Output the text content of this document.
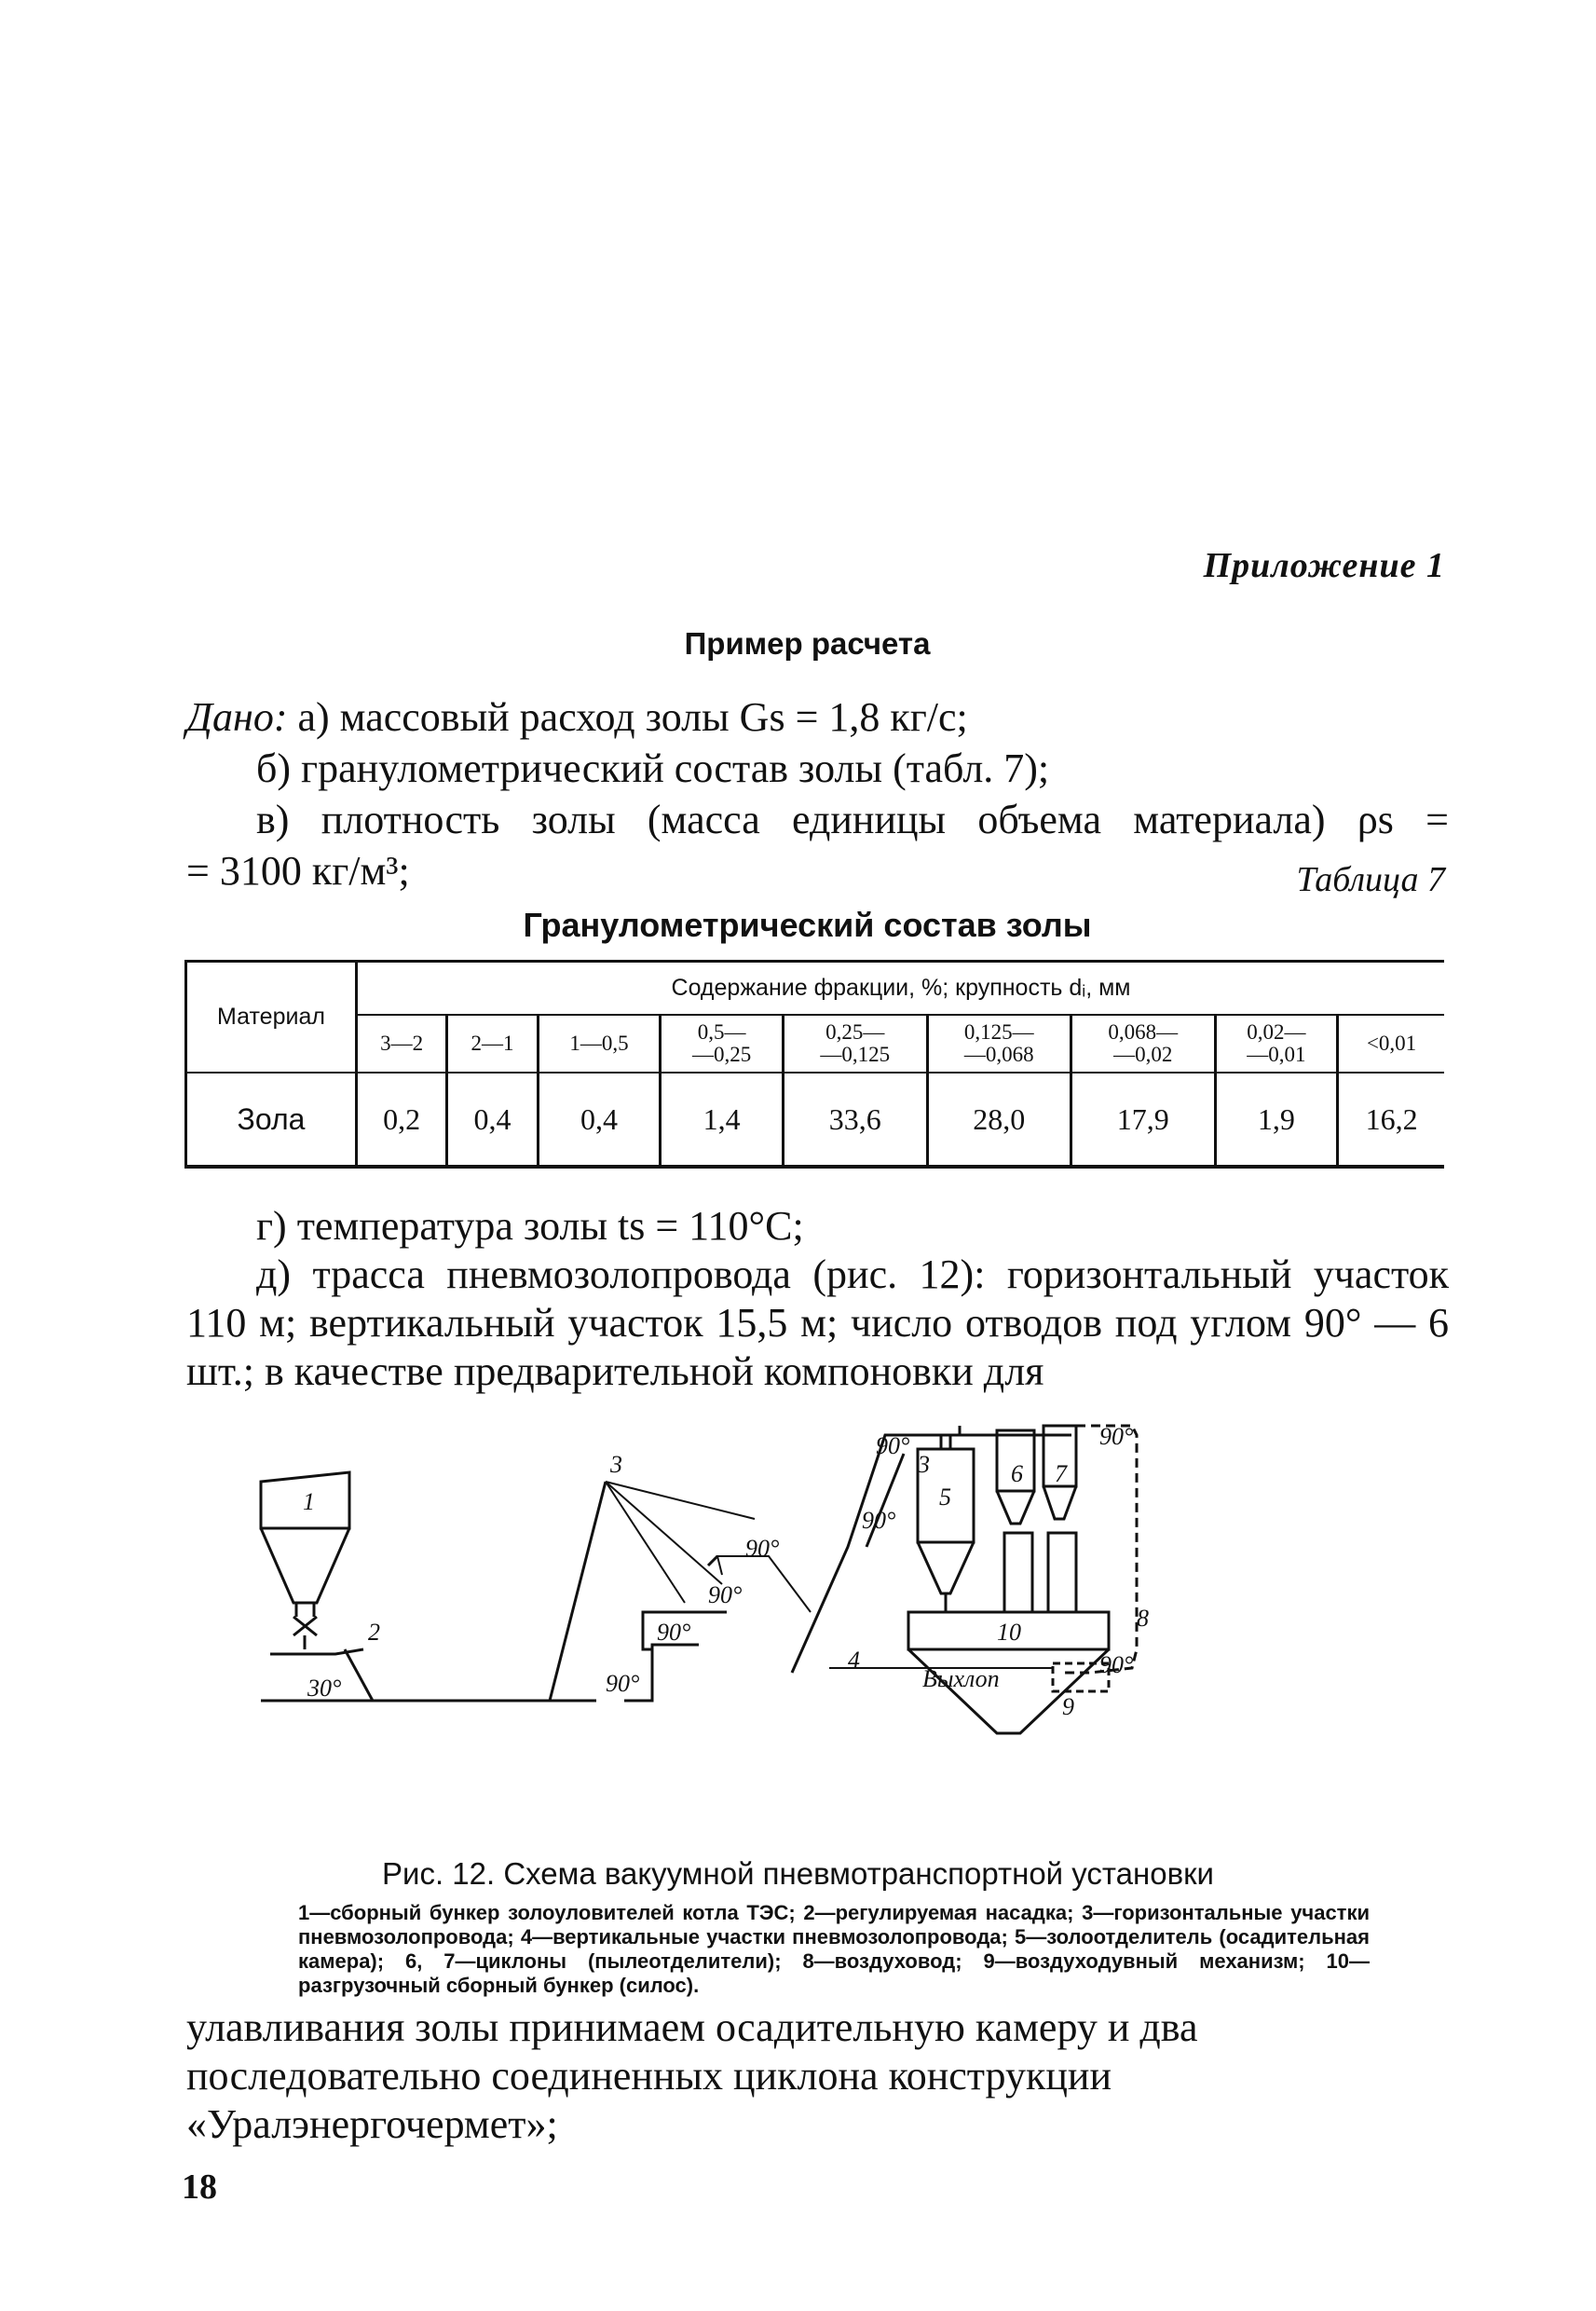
Приложение 1
Пример расчета

Дано: а) массовый расход золы Gs = 1,8 кг/с;

б) гранулометрический состав золы (табл. 7);

в) плотность золы (масса единицы объема материала) ρs =

= 3100 кг/м³;	Таблица 7
Гранулометрический состав золы
Материал	Содержание фракции, %; крупность dᵢ, мм								
	3—2	2—1	1—0,5	0,5—
—0,25	0,25—
—0,125	0,125—
—0,068	0,068—
—0,02	0,02—
—0,01	<0,01
Зола	0,2	0,4	0,4	1,4	33,6	28,0	17,9	1,9	16,2

г) температура золы ts = 110°С;

д) трасса пневмозолопровода (рис. 12): горизонтальный участок 110 м; вертикальный участок 15,5 м; число отводов под углом 90° — 6 шт.; в качестве предварительной компоновки для

1
2
3	3
4
5
6 7
8
9
10
30°	90°
90°
90°
90°
90°
90°	90°
90°
Выхлоп
Рис. 12. Схема вакуумной пневмотранспортной установки
1—сборный бункер золоуловителей котла ТЭС; 2—регулируемая насадка; 3—горизонтальные участки пневмозолопровода; 4—вертикальные участки пневмозолопровода; 5—золоотделитель (осадительная камера); 6, 7—циклоны (пылеотделители); 8—воздуховод; 9—воздуходувный механизм; 10—разгрузочный сборный бункер (силос).

улавливания золы принимаем осадительную камеру и два последовательно соединенных циклона конструкции «Уралэнергочермет»;

18
